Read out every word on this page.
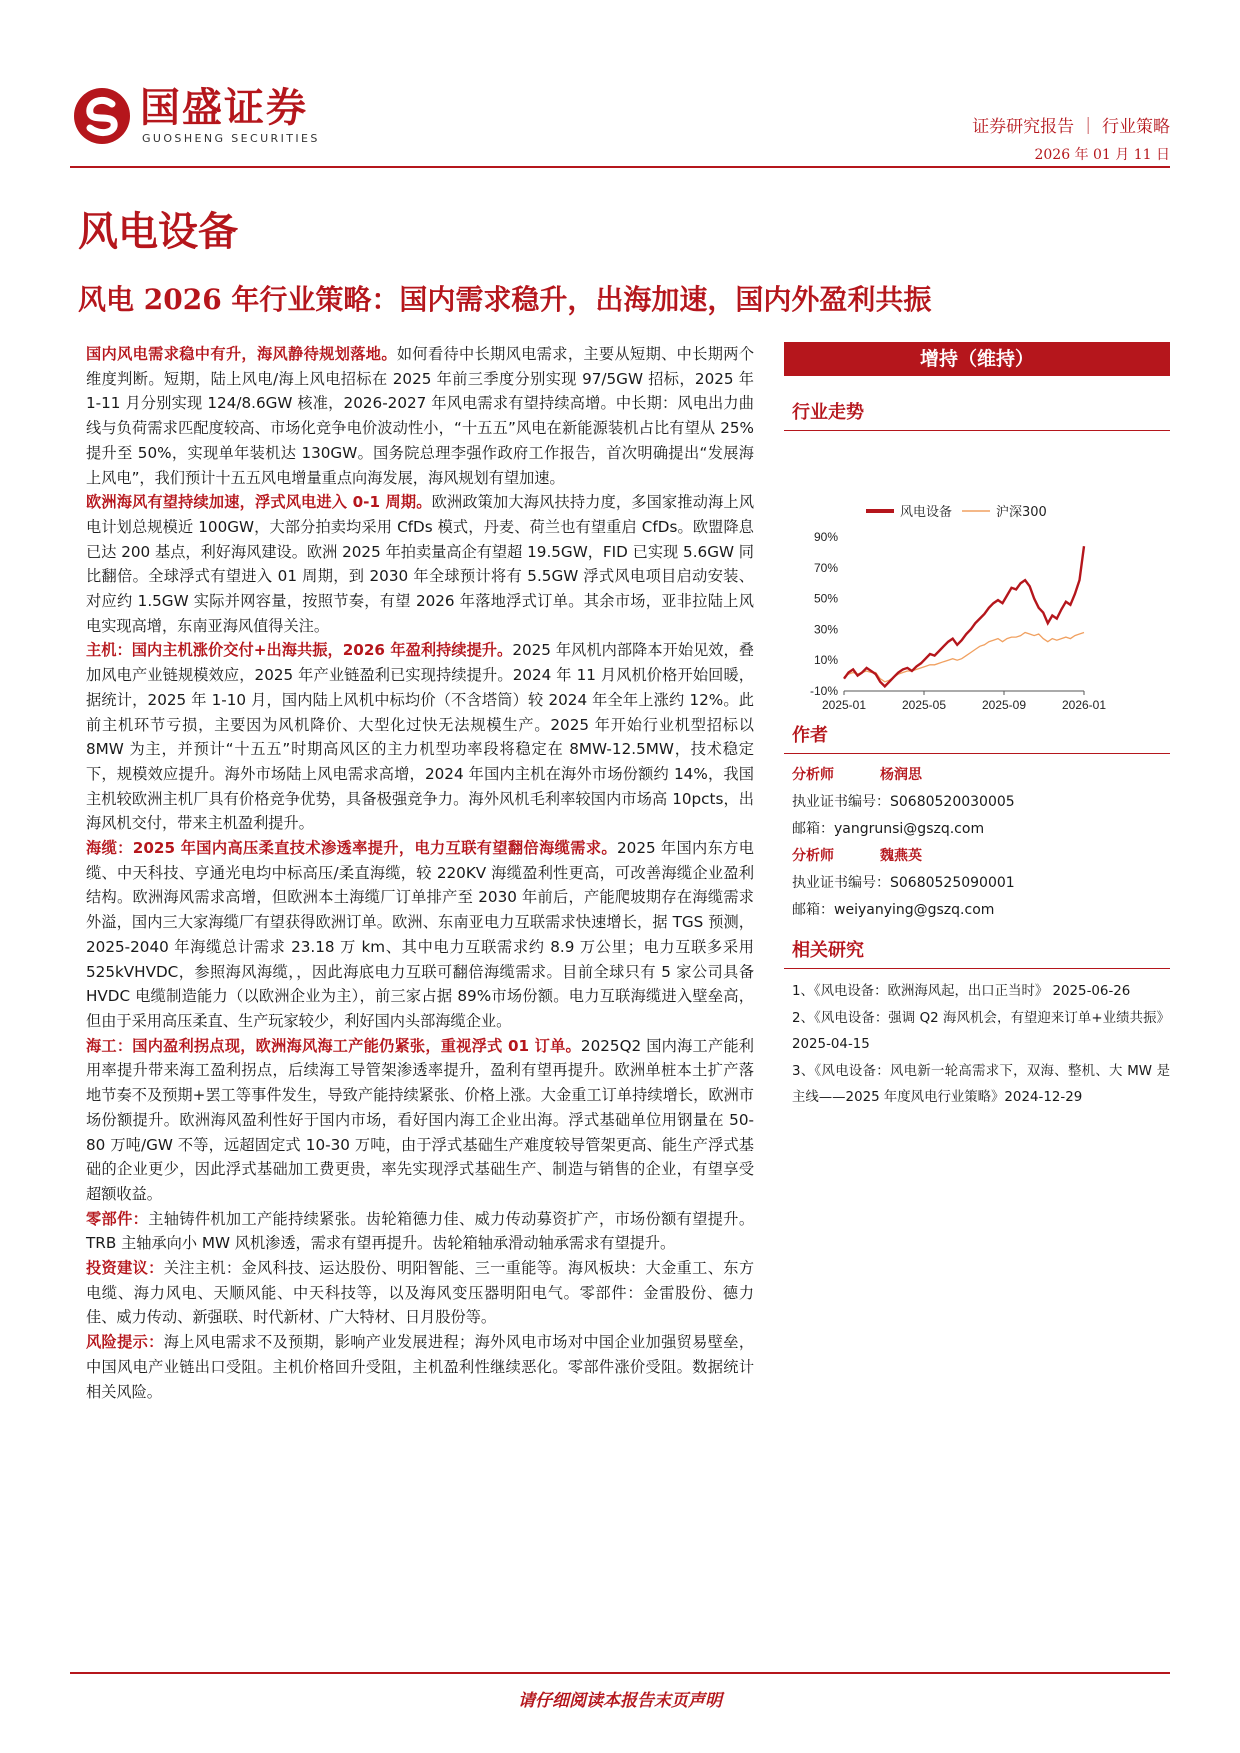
国盛证券
GUOSHENG SECURITIES
证券研究报告 ｜ 行业策略
2026 年 01 月 11 日
风电设备
风电 2026 年行业策略：国内需求稳升，出海加速，国内外盈利共振

国内风电需求稳中有升，海风静待规划落地。如何看待中长期风电需求，主要从短期、中长期两个维度判断。短期，陆上风电/海上风电招标在 2025 年前三季度分别实现 97/5GW 招标，2025 年 1-11 月分别实现 124/8.6GW 核准，2026-2027 年风电需求有望持续高增。中长期：风电出力曲线与负荷需求匹配度较高、市场化竞争电价波动性小，“十五五”风电在新能源装机占比有望从 25%提升至 50%，实现单年装机达 130GW。国务院总理李强作政府工作报告，首次明确提出“发展海上风电”，我们预计十五五风电增量重点向海发展，海风规划有望加速。

欧洲海风有望持续加速，浮式风电进入 0-1 周期。欧洲政策加大海风扶持力度，多国家推动海上风电计划总规模近 100GW，大部分拍卖均采用 CfDs 模式，丹麦、荷兰也有望重启 CfDs。欧盟降息已达 200 基点，利好海风建设。欧洲 2025 年拍卖量高企有望超 19.5GW，FID 已实现 5.6GW 同比翻倍。全球浮式有望进入 01 周期，到 2030 年全球预计将有 5.5GW 浮式风电项目启动安装、对应约 1.5GW 实际并网容量，按照节奏，有望 2026 年落地浮式订单。其余市场，亚非拉陆上风电实现高增，东南亚海风值得关注。

主机：国内主机涨价交付+出海共振，2026 年盈利持续提升。2025 年风机内部降本开始见效，叠加风电产业链规模效应，2025 年产业链盈利已实现持续提升。2024 年 11 月风机价格开始回暖，据统计，2025 年 1-10 月，国内陆上风机中标均价（不含塔筒）较 2024 年全年上涨约 12%。此前主机环节亏损，主要因为风机降价、大型化过快无法规模生产。2025 年开始行业机型招标以 8MW 为主，并预计“十五五”时期高风区的主力机型功率段将稳定在 8MW-12.5MW，技术稳定下，规模效应提升。海外市场陆上风电需求高增，2024 年国内主机在海外市场份额约 14%，我国主机较欧洲主机厂具有价格竞争优势，具备极强竞争力。海外风机毛利率较国内市场高 10pcts，出海风机交付，带来主机盈利提升。

海缆：2025 年国内高压柔直技术渗透率提升，电力互联有望翻倍海缆需求。2025 年国内东方电缆、中天科技、亨通光电均中标高压/柔直海缆，较 220KV 海缆盈利性更高，可改善海缆企业盈利结构。欧洲海风需求高增，但欧洲本土海缆厂订单排产至 2030 年前后，产能爬坡期存在海缆需求外溢，国内三大家海缆厂有望获得欧洲订单。欧洲、东南亚电力互联需求快速增长，据 TGS 预测，2025-2040 年海缆总计需求 23.18 万 km、其中电力互联需求约 8.9 万公里；电力互联多采用 525kVHVDC，参照海风海缆，，因此海底电力互联可翻倍海缆需求。目前全球只有 5 家公司具备 HVDC 电缆制造能力（以欧洲企业为主），前三家占据 89%市场份额。电力互联海缆进入壁垒高，但由于采用高压柔直、生产玩家较少，利好国内头部海缆企业。

海工：国内盈利拐点现，欧洲海风海工产能仍紧张，重视浮式 01 订单。2025Q2 国内海工产能利用率提升带来海工盈利拐点，后续海工导管架渗透率提升，盈利有望再提升。欧洲单桩本土扩产落地节奏不及预期+罢工等事件发生，导致产能持续紧张、价格上涨。大金重工订单持续增长，欧洲市场份额提升。欧洲海风盈利性好于国内市场，看好国内海工企业出海。浮式基础单位用钢量在 50-80 万吨/GW 不等，远超固定式 10-30 万吨，由于浮式基础生产难度较导管架更高、能生产浮式基础的企业更少，因此浮式基础加工费更贵，率先实现浮式基础生产、制造与销售的企业，有望享受超额收益。

零部件：主轴铸件机加工产能持续紧张。齿轮箱德力佳、威力传动募资扩产，市场份额有望提升。TRB 主轴承向小 MW 风机渗透，需求有望再提升。齿轮箱轴承滑动轴承需求有望提升。

投资建议：关注主机：金风科技、运达股份、明阳智能、三一重能等。海风板块：大金重工、东方电缆、海力风电、天顺风能、中天科技等，以及海风变压器明阳电气。零部件：金雷股份、德力佳、威力传动、新强联、时代新材、广大特材、日月股份等。

风险提示：海上风电需求不及预期，影响产业发展进程；海外风电市场对中国企业加强贸易壁垒，中国风电产业链出口受阻。主机价格回升受阻，主机盈利性继续恶化。零部件涨价受阻。数据统计相关风险。

增持（维持）
行业走势
90%
70%
50%
30%
10%
-10%
2025-01	2025-05	2025-09	2026-01
风电设备	沪深300
作者
分析师	杨润思
执业证书编号：S0680520030005
邮箱：yangrunsi@gszq.com
分析师	魏燕英
执业证书编号：S0680525090001
邮箱：weiyanying@gszq.com
相关研究
1、《风电设备：欧洲海风起，出口正当时》 2025-06-26
2、《风电设备：强调 Q2 海风机会，有望迎来订单+业绩共振》 2025-04-15
3、《风电设备：风电新一轮高需求下，双海、整机、大 MW 是主线——2025 年度风电行业策略》2024-12-29
请仔细阅读本报告末页声明
